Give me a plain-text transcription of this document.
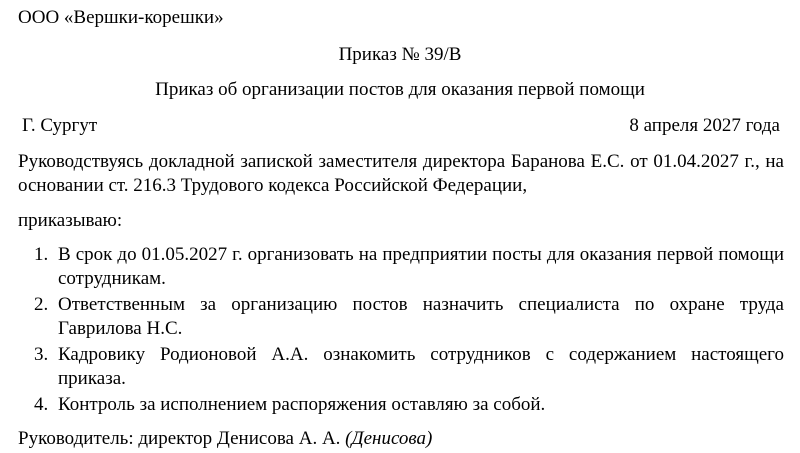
ООО «Вершки-корешки»
Приказ № 39/В
Приказ об организации постов для оказания первой помощи
Г. Сургут	8 апреля 2027 года
Руководствуясь докладной запиской заместителя директора Баранова Е.С. от 01.04.2027 г., на основании ст. 216.3 Трудового кодекса Российской Федерации,
приказываю:
1. В срок до 01.05.2027 г. организовать на предприятии посты для оказания первой помощи сотрудникам.
2. Ответственным за организацию постов назначить специалиста по охране труда Гаврилова Н.С.
3. Кадровику Родионовой А.А. ознакомить сотрудников с содержанием настоящего приказа.
4. Контроль за исполнением распоряжения оставляю за собой.
Руководитель: директор Денисова А. А. (Денисова)
